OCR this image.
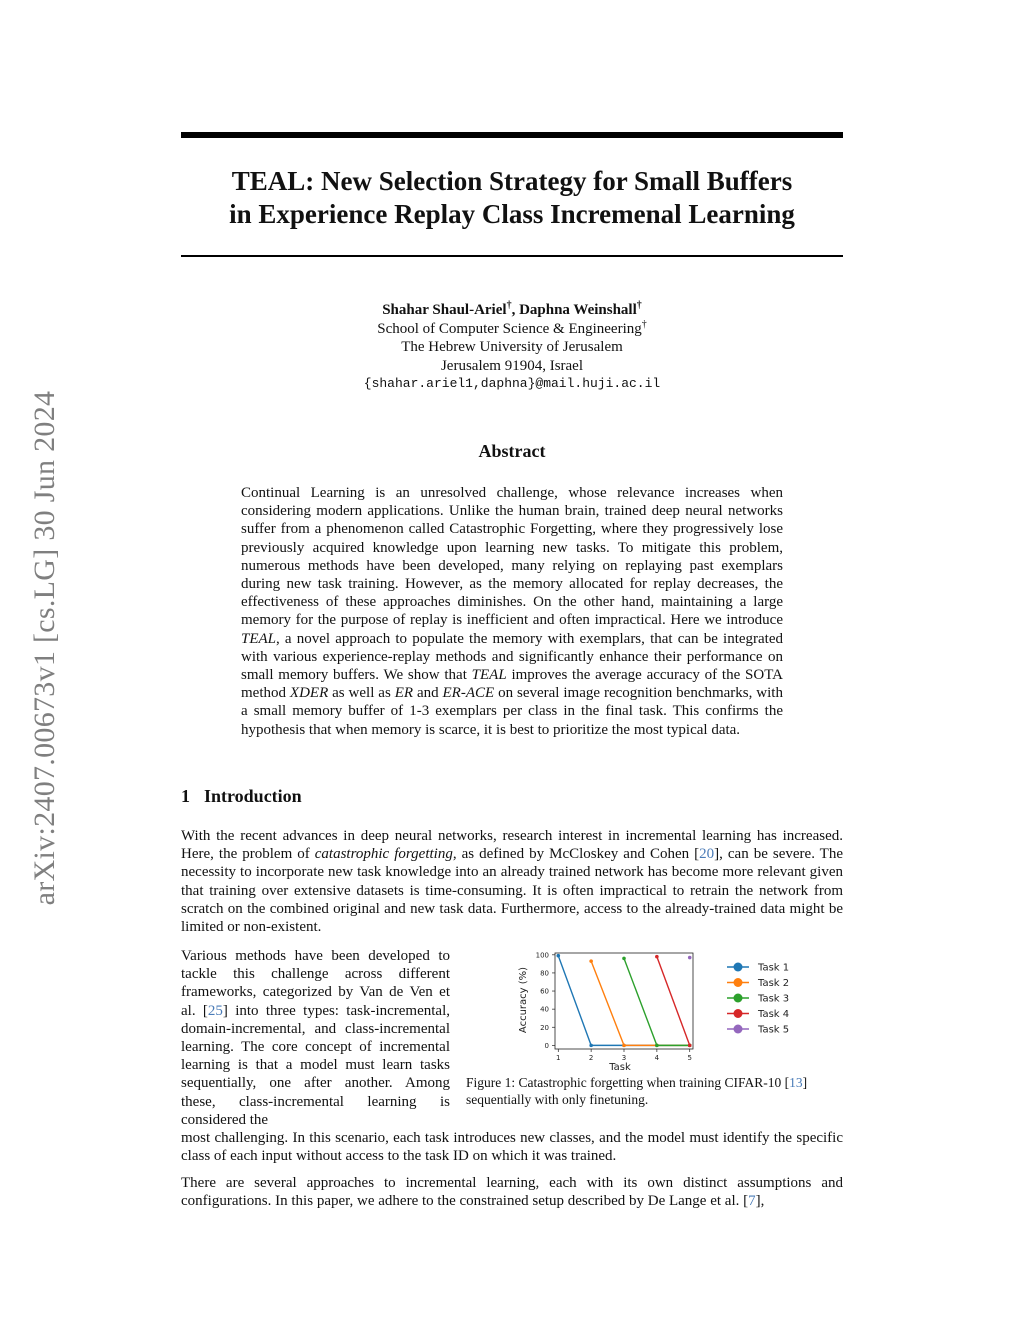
arXiv:2407.00673v1 [cs.LG] 30 Jun 2024
TEAL: New Selection Strategy for Small Buffers
in Experience Replay Class Incremenal Learning
Shahar Shaul-Ariel†, Daphna Weinshall†
School of Computer Science & Engineering†
The Hebrew University of Jerusalem
Jerusalem 91904, Israel
{shahar.ariel1,daphna}@mail.huji.ac.il
Abstract
Continual Learning is an unresolved challenge, whose relevance increases when considering modern applications. Unlike the human brain, trained deep neural networks suffer from a phenomenon called Catastrophic Forgetting, where they progressively lose previously acquired knowledge upon learning new tasks. To mitigate this problem, numerous methods have been developed, many relying on replaying past exemplars during new task training. However, as the memory allocated for replay decreases, the effectiveness of these approaches diminishes. On the other hand, maintaining a large memory for the purpose of replay is inefficient and often impractical. Here we introduce TEAL, a novel approach to populate the memory with exemplars, that can be integrated with various experience-replay methods and significantly enhance their performance on small memory buffers. We show that TEAL improves the average accuracy of the SOTA method XDER as well as ER and ER-ACE on several image recognition benchmarks, with a small memory buffer of 1-3 exemplars per class in the final task. This confirms the hypothesis that when memory is scarce, it is best to prioritize the most typical data.
1 Introduction
With the recent advances in deep neural networks, research interest in incremental learning has increased. Here, the problem of catastrophic forgetting, as defined by McCloskey and Cohen [20], can be severe. The necessity to incorporate new task knowledge into an already trained network has become more relevant given that training over extensive datasets is time-consuming. It is often impractical to retrain the network from scratch on the combined original and new task data. Furthermore, access to the already-trained data might be limited or non-existent.
Various methods have been developed to tackle this challenge across different frameworks, categorized by Van de Ven et al. [25] into three types: task-incremental, domain-incremental, and class-incremental learning. The core concept of incremental learning is that a model must learn tasks sequentially, one after another. Among these, class-incremental learning is considered the
0
20
40
60
80
100
1	2	3	4	5
Task 1
Task 2
Task 3
Task 4
Task 5
Task
Accuracy (%)
Figure 1: Catastrophic forgetting when training CIFAR-10 [13] sequentially with only finetuning.
most challenging. In this scenario, each task introduces new classes, and the model must identify the specific class of each input without access to the task ID on which it was trained.
There are several approaches to incremental learning, each with its own distinct assumptions and configurations. In this paper, we adhere to the constrained setup described by De Lange et al. [7],
